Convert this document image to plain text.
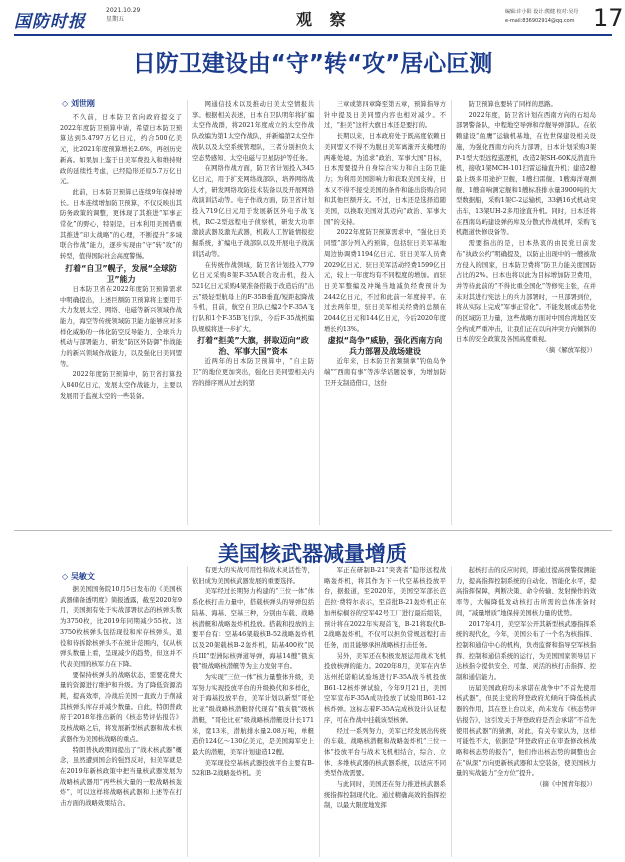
国防时报
2021.10.29
星期五	观 察	编辑:许小阳 设计:熊健 校对:吴丹
e-mail:836902914@qq.com 17
日防卫建设由“守”转“攻”居心叵测
◇ 刘世刚

不久前，日本防卫省向政府提交了2022年度防卫预算申请，希望日本防卫预算达到5.4797万亿日元，约合500亿美元，比2021年度预算增长2.6%，再创历史新高。如果加上鉴于日美军费投入和维持财政的延续性考虑，已经隐形还原5.7万亿日元。

此前，日本防卫预算已连续9年保持增长。日本连续增加防卫预算，不仅反映出其防务政策的调整，更体现了其推进“军事正常化”的野心，特别是，日本利用美国借重其推进“印太战略”的心理，不断提升“多域联合作战”能力，逐步实现由“守”转“攻”的转型，值得国际社会高度警惕。

打着“自卫”幌子，发展“全球防卫”能力

日本防卫省在2022年度防卫预算需求中明确提出，上述巨额防卫预算将主要用于大力发展太空、网络、电磁等新兴领域作战能力，海空等传统领域防卫能力能够应对多样化威胁的一体化防空反导能力、全球兵力机动与部署能力、研发“防区外防御”作战能力的新兴领域作战能力，以及强化日美同盟等。

2022年度防卫预算中，防卫省打算投入840亿日元，发展太空作战能力，主要以发展用于监视太空的一些装备。

网通信技术以及推动日美太空情报共享。根据相关表述，日本自卫队明年将扩编太空作战群，将2021年度成立的太空作战队改编为第1太空作战队，并新编第2太空作战队以及太空系统管理队，三者分别担负太空态势感知、太空电磁与卫星防护等任务。

在网络作战方面，防卫省计划投入345亿日元，用于扩充网络战部队，培养网络战人才，研发网络攻防技术装备以及开展网络战演训活动等。电子作战方面，防卫省计划投入719亿日元用于发展新区外电子战飞机，RC-2型远程电子侦察机，研发大功率激波武器及激光武器，机载人工智能情报挖掘系统，扩编电子战部队以及开展电子战演训活动等。

在传统作战领域，防卫省计划投入779亿日元采购8架F-35A联合攻击机，投入521亿日元采购4架准备搭载于改造后的“出云”级轻型航母上的F-35B垂直/短距起降战斗机，目前，航空自卫队已编2个F-35A飞行队和1个F-35B飞行队，今后F-35战机编队规模将进一步扩大。

打着“拒美”大旗，拼取迈向“政治、军事大国”资本

近两年的日本防卫预算中，“自主防卫”的地位更加突出，强化日美同盟相关内容的排序则从过去的第

三章或第四章降至第五章，预算指导方针中提及日美同盟内容也相对减少。不过，“拒美”这杆大旗日本还是要打的。

长期以来，日本政府处于既高度依赖日美同盟又不得不为脱日美军离渐开支掩埋的两难处境。为追求“政治、军事大国”目标，日本需要提升自身综合实力和自主防卫能力；为利用美国影响力和获取美国支持，日本又不得不接受美国的条件和能出资购合同和其他巨额开支。不过，日本还是选择追随美国，以换取美国对其迈向“政治、军事大国”的支持。

2022年度防卫预算需求中，“强化日美同盟”部分列入约预算，包括驻日美军基地周边协调费1194亿日元、驻日美军人员费2029亿日元、驻日美军活动经费1599亿日元，较上一年度均有不同程度的增加。而驻日美军整编及冲绳当地减负经费预计为2442亿日元，不过和此前一年度持平。在过去两年里，驻日美军相关经费的总额在2044亿日元和144亿日元，今后2020年度增长约13%。

虚拟“岛争”威胁，强化西南方向兵力部署及战场建设

近年来，日本防卫省频频拿“钓鱼岛争端”“西南有事”等涉华话题说事，为增加防卫开支制造借口，这份

防卫预算也要转了同样的思路。

2022年度，防卫省计划在西南方向的石垣岛部署警备队，中程地空导弹和岸舰导弹部队。在依赖建设“鱼鹰”运输机基地，在佐世保建设相关设施，为强化西南方向兵力部署，日本计划采购3架P-1型大型远程巡逻机，改造2架SH-60K反潜直升机，接收1架MCH-101扫雷运输直升机；建造2艘最上级多用途护卫舰，1艘扫雷舰、1艘海洋观测舰、1艘音响测定舰和1艘标准排水量3900吨的大型数据船，采购1架C-2运输机，33辆16式机动突击车，13架UH-2多用途直升机。同时，日本还将在西南岛屿建设弹药库及分散式作战机坪，采购飞机跑道快修设备等。

需要指出的是，日本热衷的由民党日前发布“执政公约”明确提及，以防止出现中的一艘被敌方侵入的国家，日本防卫费将“防卫力能关度国防占比的2%。日本也将以此为目标增加防卫费用，并等待此前的“不得比重全国化”等修宪主张，在并未对其进行宪法上的兵力部署时，一旦部署到位，将从实际上完成“军事正常化”。不能发展或态势化的区域防卫力量，这些战略方面对中国台湾地区安全构成严重冲击，让我们正在以向冲突方向倾斜的日本的安全政策及各国高度重视。

（摘《解放军报》）

美国核武器减量增质
◇ 吴敏文

据美国国务院10月5日发布的《美国核武器储备透明度》简报透露，截至2020年9月，美国拥有处于实战部署状态的核弹头数为3750枚，比2019年同期减少55枚。这3750枚核弹头包括现役和库存核弹头，退役和待拆除核弹头不在统计范围内，仅从核弹头数量上看，呈现减少的趋势，但这并不代表美国的核军力在下降。

要保持核弹头的战略状态，需要花费大量的资源进行维护和升级。为了降低资源消耗，提高效率，冷战后美国一直致力于削减其核弹头库存并减少数量。自此，特朗普政府于2018年推出新的《核态势评估报告》及核战略之后，将发展新型核武器和战术核武器作为美国核战略的重点。

特朗普执政期间提出了“战术核武器”概念，虽然遭到国会的强烈反对，但美军就是在2019年新核政策中把当量核武器发展为战略核武器用“再些核大量的一般战略核轰炸”，可以这样将战略核武器和上述等在打击方面的战略效果结合。

有更大的实战可用性和战术灵活性等，依旧成为美国核武器发展的重要选择。

美军经过长期努力构建的“三位一体”体系化核打击力量中，搭载核弹头的导弹包括陆基、海基、空基三种，分别由车载、战略核潜艇和战略轰炸机投放。搭载和投放的主要平台有：空基46架载核B-52战略轰炸机以及20架载核B-2轰炸机，陆基400枚“民兵III”型洲际核弹道导弹，海基14艘“俄亥俄”级战略核潜艇等为主力发射平台。

为实现“三位一体”核力量整体升级，美军努力实现投放平台的升级换代和多样化，对于海基投放平台，美军计划以新型“哥伦比亚”级战略核潜艇替代现有“俄亥俄”级核潜艇，“哥伦比亚”级战略核潜艇设计长171米，宽13米，潜航排水量2.08万吨，单艇造价124亿～130亿美元，是美国海军史上最大的潜艇，美军计划建造12艘。

美军现役空基核武器投放平台主要有B-52和B-2战略轰炸机。美

军正在研制B-21“突袭者”隐形远程战略轰炸机，将其作为下一代空基核投放平台，据报道，至2020年，美国空军部长芭芭拉·费特尔表示，至首批B-21轰炸机正在加州棕榈谷的空军42号工厂进行最后组装，预计将在2022年实现首飞，B-21将取代B-2战略轰炸机，不仅可以担负常规远程打击任务，而且能够承担战略核打击任务。

另外，美军还在积极发展运用战术飞机投放核弹的能力。2020年8月，美军在内华达州托诺帕试验场进行F-35A战斗机投放B61-12核炸弹试验，今年9月21日，美国空军宣布F-35A成功投放了试验用B61-12核炸弹。这标志着F-35A完成核设计认证程序，可在作战中挂载该型核弹。

经过一系列努力，美军已经发展出传统的车载、战略核潜艇和战略轰炸机“三位一体”投放平台与战术飞机相结合，综合、立体、多维核武器的核武器系统，以适应不同类型作战需要。

与此同时，美国还在努力推进核武器系统指挥控制现代化。通过精确高效的指挥控制，以最大限度地发挥

起核打击的反应时间，即通过提高预警探测能力，提高指挥控制系统的自动化、智能化水平，提高指挥保障，判断决策、命令传输、发射操作的效率等，大幅降低发动核打击所需的总体准备时间，“减量增质”地保持美国核力量的优势。

2017年4月，美空军公开其新型核武器指挥系统的现代化，今年，美国公布了一个名为核指挥、控制和通信中心的机构，负责监督和指导空军核指挥、控制和通信系统的运行，为美国国家领导层下达核指令提供安全、可靠、灵活的核打击指挥、控制和通信能力。

历届美国政府均未承诺在战争中“不首先使用核武器”，但民主党的拜登政府尤倾向于降低核武器的作用，其在登上台以来，尚未发布《核态势评估报告》，这引发关于拜登政府是否会承诺“不首先使用核武器”的猜测，对此，有关专家认为，这样可能性不大，依据是“拜登政府正在审查修改核战略和核态势的报告”，他们作出核态势的调整也会在“纵深”方向更新核武器和太空装备，使美国核力量的实战能力“全方位”提升。

（摘《中国青年报》）
